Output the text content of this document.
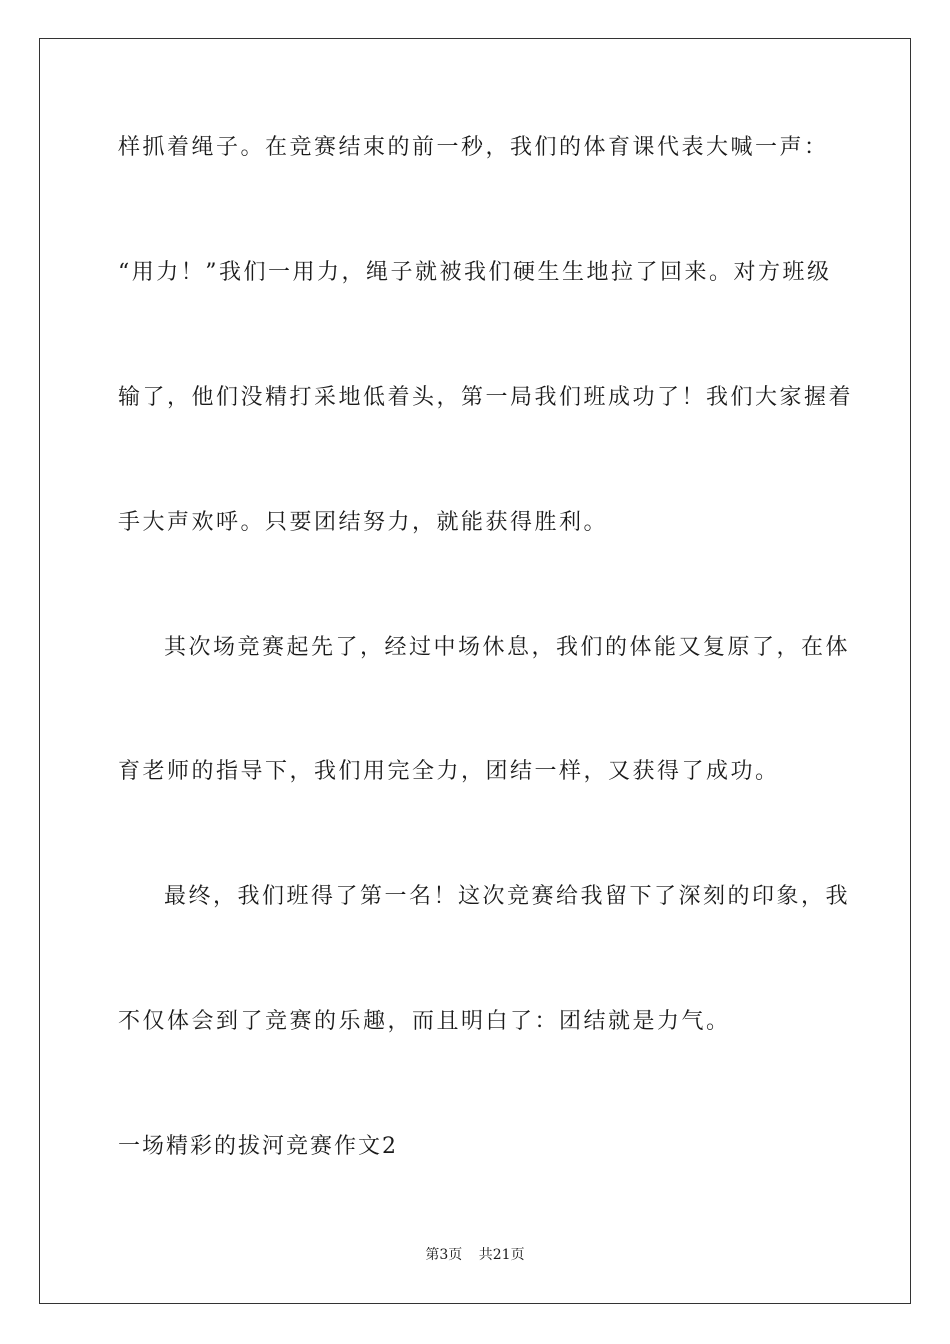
样抓着绳子。在竞赛结束的前一秒，我们的体育课代表大喊一声：
“用力！”我们一用力，绳子就被我们硬生生地拉了回来。对方班级
输了，他们没精打采地低着头，第一局我们班成功了！我们大家握着
手大声欢呼。只要团结努力，就能获得胜利。
其次场竞赛起先了，经过中场休息，我们的体能又复原了，在体
育老师的指导下，我们用完全力，团结一样，又获得了成功。
最终，我们班得了第一名！这次竞赛给我留下了深刻的印象，我
不仅体会到了竞赛的乐趣，而且明白了：团结就是力气。
一场精彩的拔河竞赛作文2
第3页 共21页
